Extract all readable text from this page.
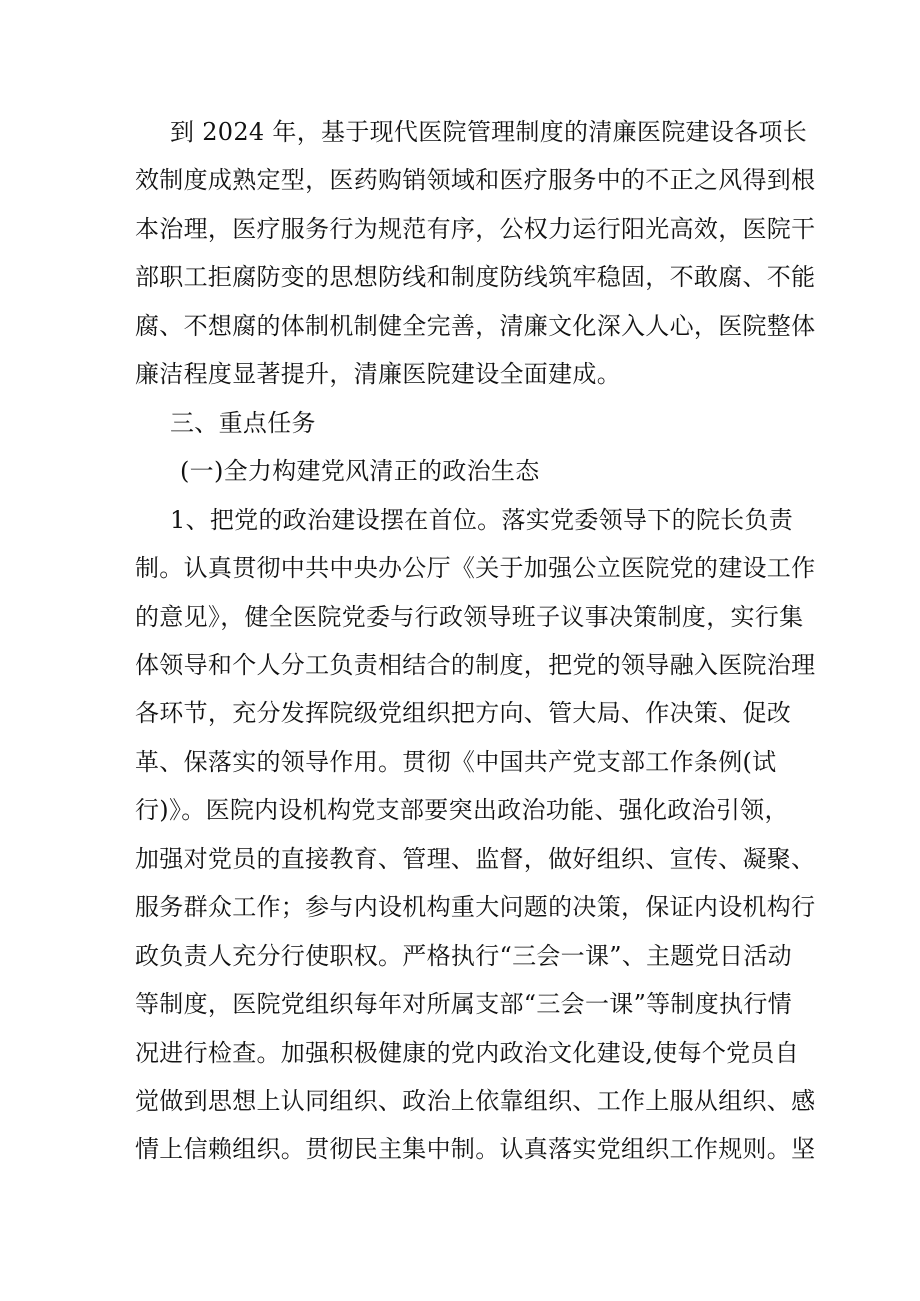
到 2024 年，基于现代医院管理制度的清廉医院建设各项长
效制度成熟定型，医药购销领域和医疗服务中的不正之风得到根
本治理，医疗服务行为规范有序，公权力运行阳光高效，医院干
部职工拒腐防变的思想防线和制度防线筑牢稳固，不敢腐、不能
腐、不想腐的体制机制健全完善，清廉文化深入人心，医院整体
廉洁程度显著提升，清廉医院建设全面建成。
三、重点任务
(一)全力构建党风清正的政治生态
1、把党的政治建设摆在首位。落实党委领导下的院长负责
制。认真贯彻中共中央办公厅《关于加强公立医院党的建设工作
的意见》，健全医院党委与行政领导班子议事决策制度，实行集
体领导和个人分工负责相结合的制度，把党的领导融入医院治理
各环节，充分发挥院级党组织把方向、管大局、作决策、促改
革、保落实的领导作用。贯彻《中国共产党支部工作条例(试
行)》。医院内设机构党支部要突出政治功能、强化政治引领，
加强对党员的直接教育、管理、监督，做好组织、宣传、凝聚、
服务群众工作；参与内设机构重大问题的决策，保证内设机构行
政负责人充分行使职权。严格执行“三会一课”、主题党日活动
等制度，医院党组织每年对所属支部“三会一课”等制度执行情
况进行检查。加强积极健康的党内政治文化建设,使每个党员自
觉做到思想上认同组织、政治上依靠组织、工作上服从组织、感
情上信赖组织。贯彻民主集中制。认真落实党组织工作规则。坚
